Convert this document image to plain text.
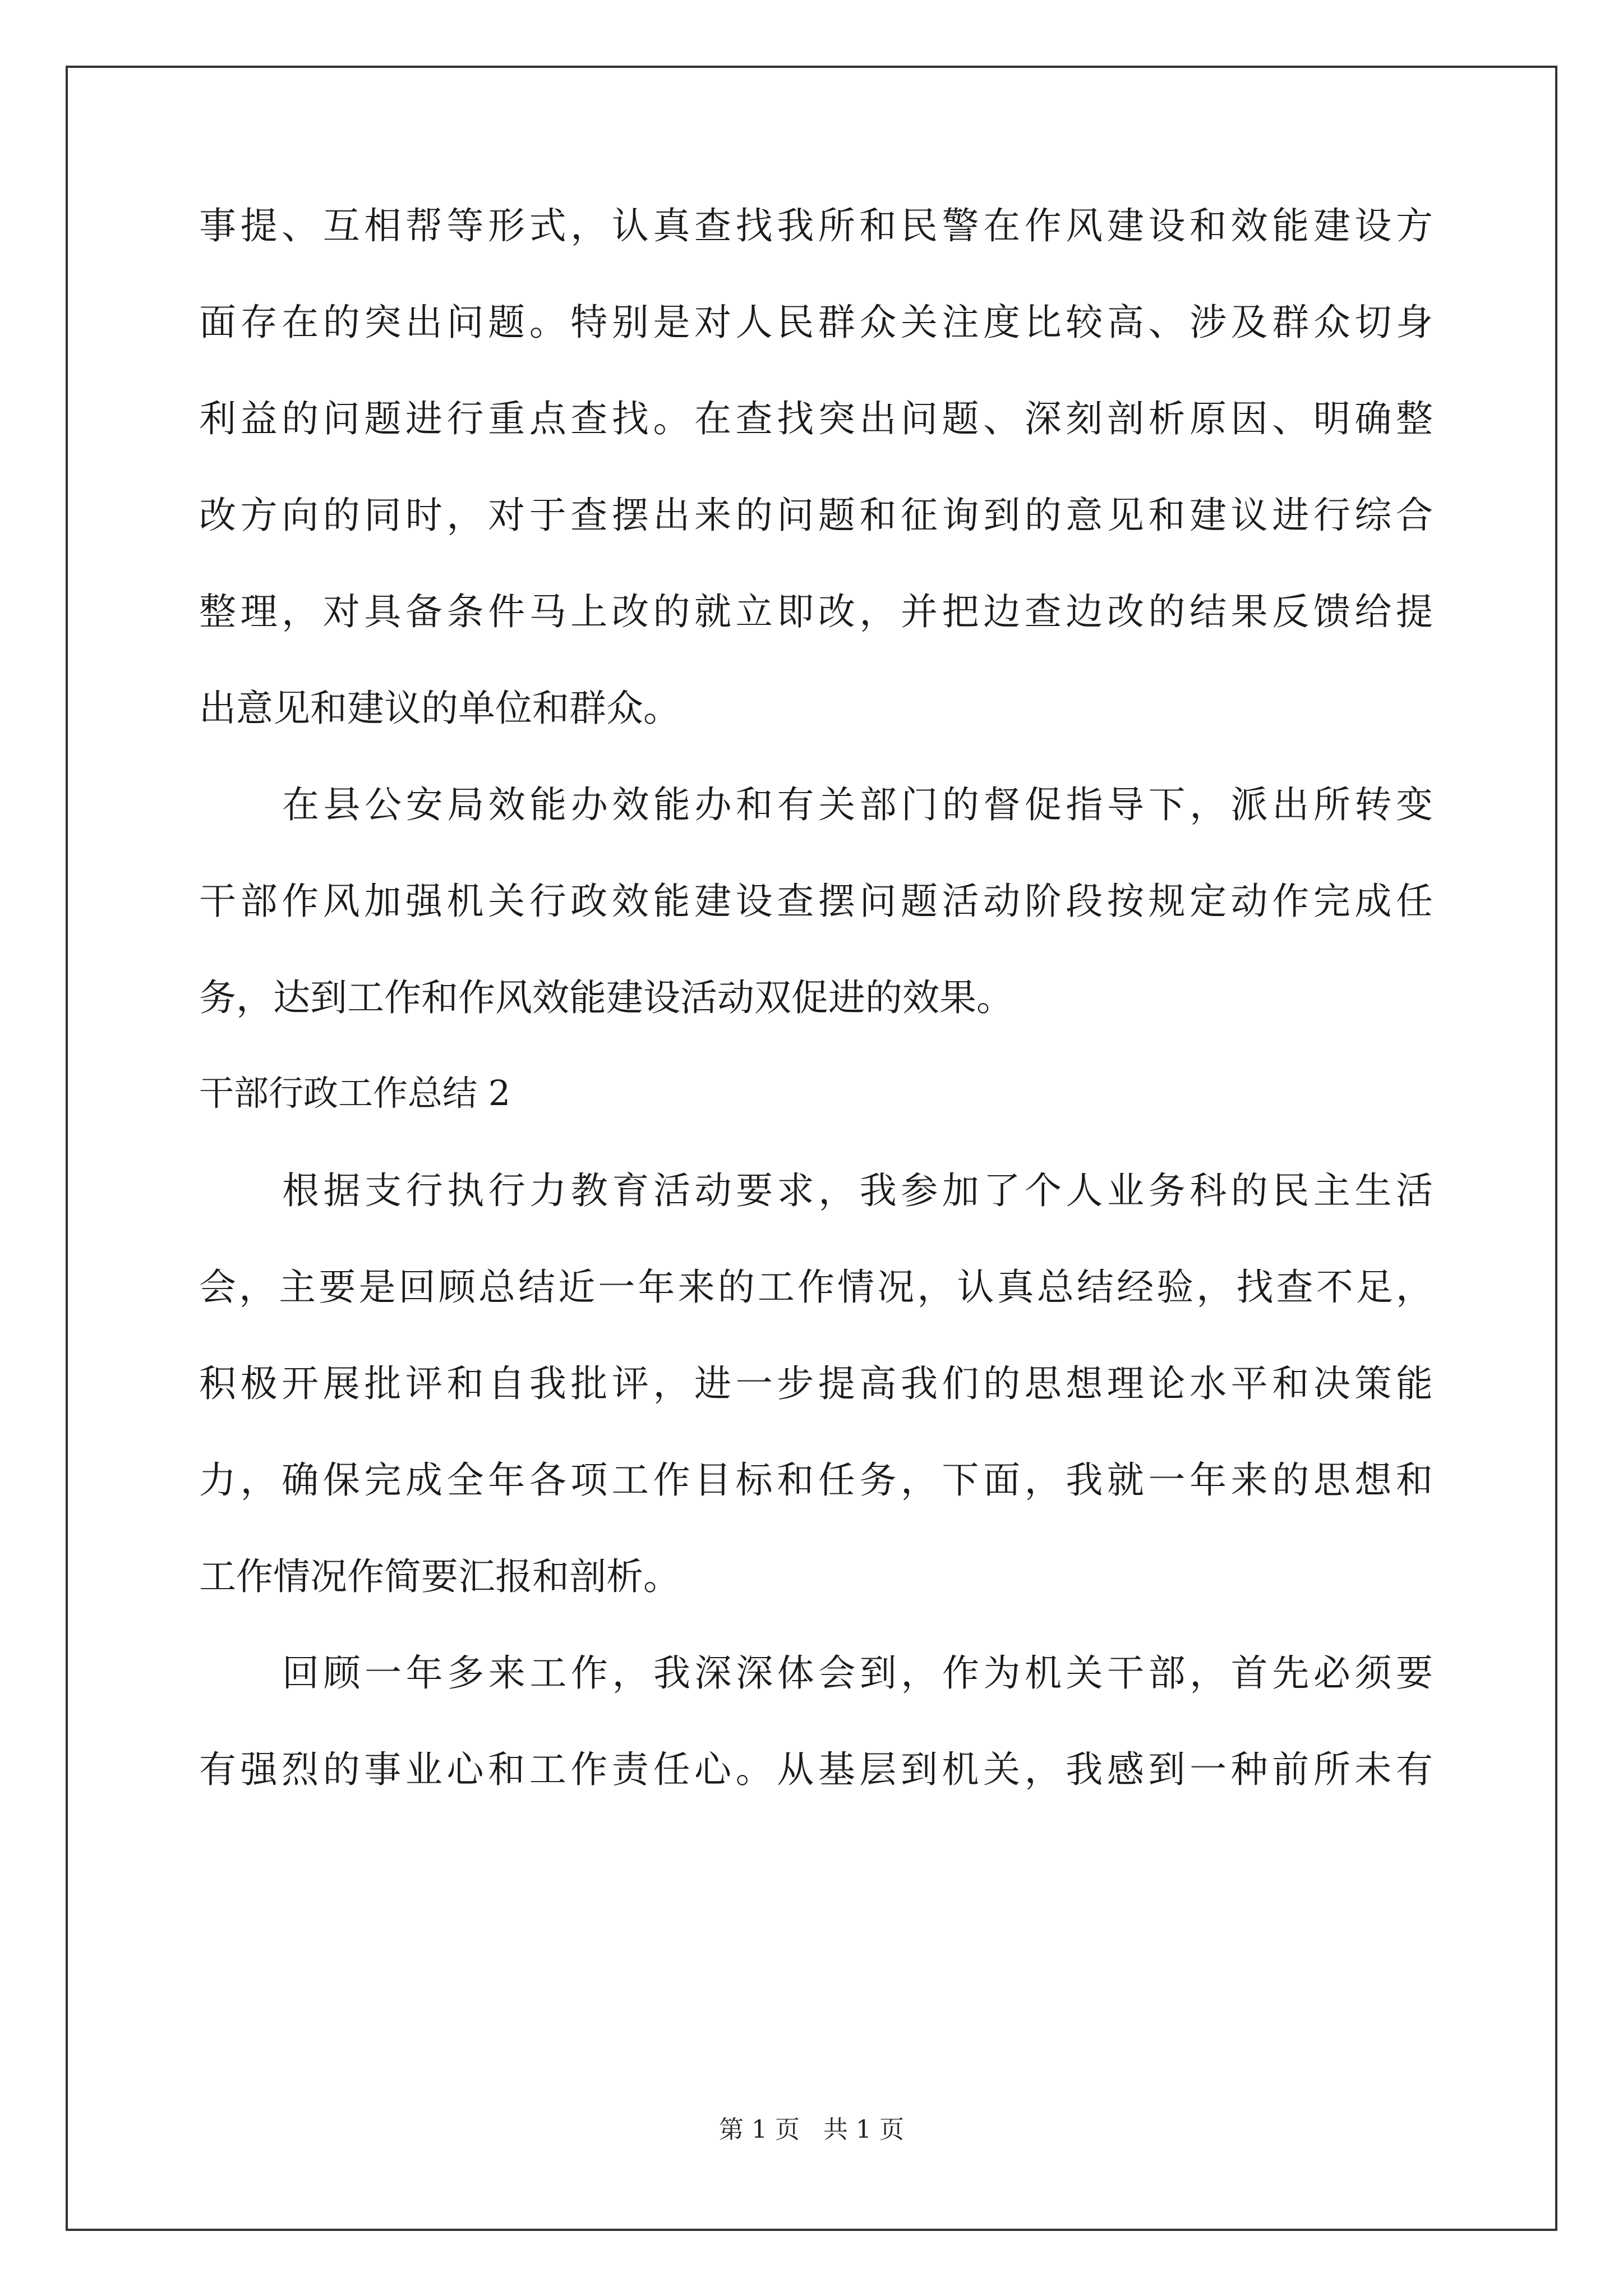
事提、互相帮等形式，认真查找我所和民警在作风建设和效能建设方
面存在的突出问题。特别是对人民群众关注度比较高、涉及群众切身
利益的问题进行重点查找。在查找突出问题、深刻剖析原因、明确整
改方向的同时，对于查摆出来的问题和征询到的意见和建议进行综合
整理，对具备条件马上改的就立即改，并把边查边改的结果反馈给提
出意见和建议的单位和群众。
在县公安局效能办效能办和有关部门的督促指导下，派出所转变
干部作风加强机关行政效能建设查摆问题活动阶段按规定动作完成任
务，达到工作和作风效能建设活动双促进的效果。
干部行政工作总结 2
根据支行执行力教育活动要求，我参加了个人业务科的民主生活
会，主要是回顾总结近一年来的工作情况，认真总结经验，找查不足，
积极开展批评和自我批评，进一步提高我们的思想理论水平和决策能
力，确保完成全年各项工作目标和任务，下面，我就一年来的思想和
工作情况作简要汇报和剖析。
回顾一年多来工作，我深深体会到，作为机关干部，首先必须要
有强烈的事业心和工作责任心。从基层到机关，我感到一种前所未有
第 1 页 共 1 页
